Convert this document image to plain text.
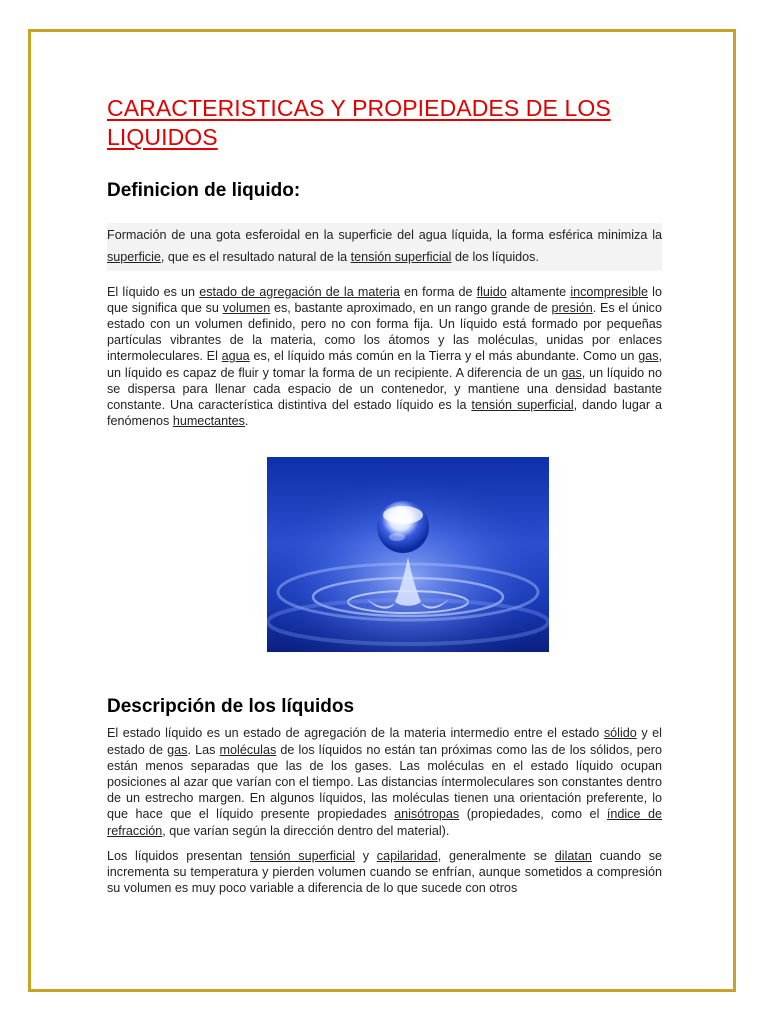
CARACTERISTICAS Y PROPIEDADES DE LOS LIQUIDOS
Definicion de liquido:

Formación de una gota esferoidal en la superficie del agua líquida, la forma esférica minimiza la superficie, que es el resultado natural de la tensión superficial de los líquidos.

El líquido es un estado de agregación de la materia en forma de fluido altamente incompresible lo que significa que su volumen es, bastante aproximado, en un rango grande de presión. Es el único estado con un volumen definido, pero no con forma fija. Un líquido está formado por pequeñas partículas vibrantes de la materia, como los átomos y las moléculas, unidas por enlaces intermoleculares. El agua es, el líquido más común en la Tierra y el más abundante. Como un gas, un líquido es capaz de fluir y tomar la forma de un recipiente. A diferencia de un gas, un líquido no se dispersa para llenar cada espacio de un contenedor, y mantiene una densidad bastante constante. Una característica distintiva del estado líquido es la tensión superficial, dando lugar a fenómenos humectantes.

Descripción de los líquidos

El estado líquido es un estado de agregación de la materia intermedio entre el estado sólido y el estado de gas. Las moléculas de los líquidos no están tan próximas como las de los sólidos, pero están menos separadas que las de los gases. Las moléculas en el estado líquido ocupan posiciones al azar que varían con el tiempo. Las distancias íntermoleculares son constantes dentro de un estrecho margen. En algunos líquidos, las moléculas tienen una orientación preferente, lo que hace que el líquido presente propiedades anisótropas (propiedades, como el índice de refracción, que varían según la dirección dentro del material).

Los líquidos presentan tensión superficial y capilaridad, generalmente se dilatan cuando se incrementa su temperatura y pierden volumen cuando se enfrían, aunque sometidos a compresión su volumen es muy poco variable a diferencia de lo que sucede con otros
